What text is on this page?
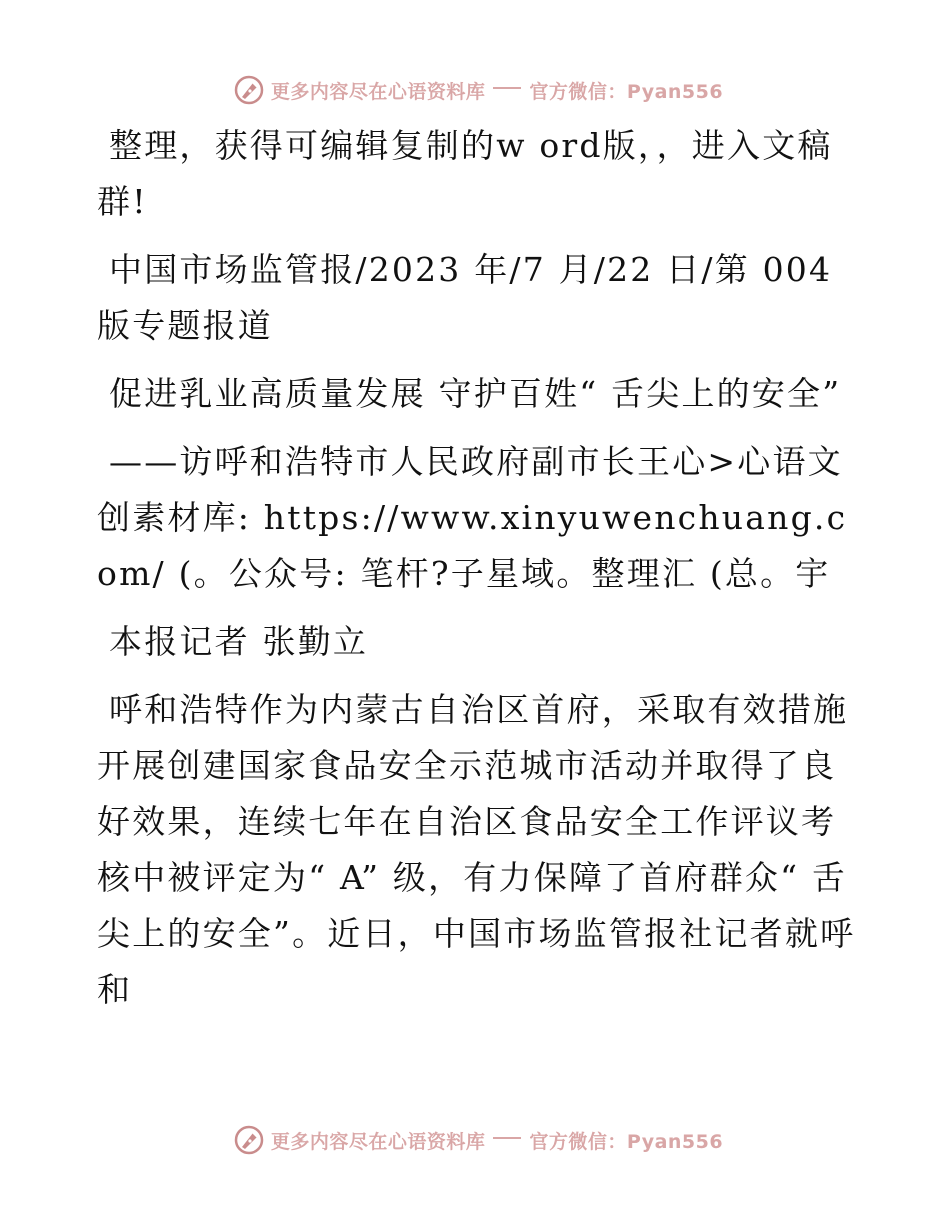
更多内容尽在心语资料库 官方微信：Pyan556

整理，获得可编辑复制的w ord版，，进入文稿群!

中国市场监管报/2023 年/7 月/22 日/第 004 版专题报道

促进乳业高质量发展 守护百姓“ 舌尖上的安全”

——访呼和浩特市人民政府副市长王心>心语文创素材库: https://www.xinyuwenchuang.com/ (。公众号: 笔杆?子星域。整理汇 (总。宇

本报记者 张勤立

呼和浩特作为内蒙古自治区首府，采取有效措施开展创建国家食品安全示范城市活动并取得了良好效果，连续七年在自治区食品安全工作评议考核中被评定为“ A” 级，有力保障了首府群众“ 舌尖上的安全”。近日，中国市场监管报社记者就呼和

更多内容尽在心语资料库 官方微信：Pyan556
